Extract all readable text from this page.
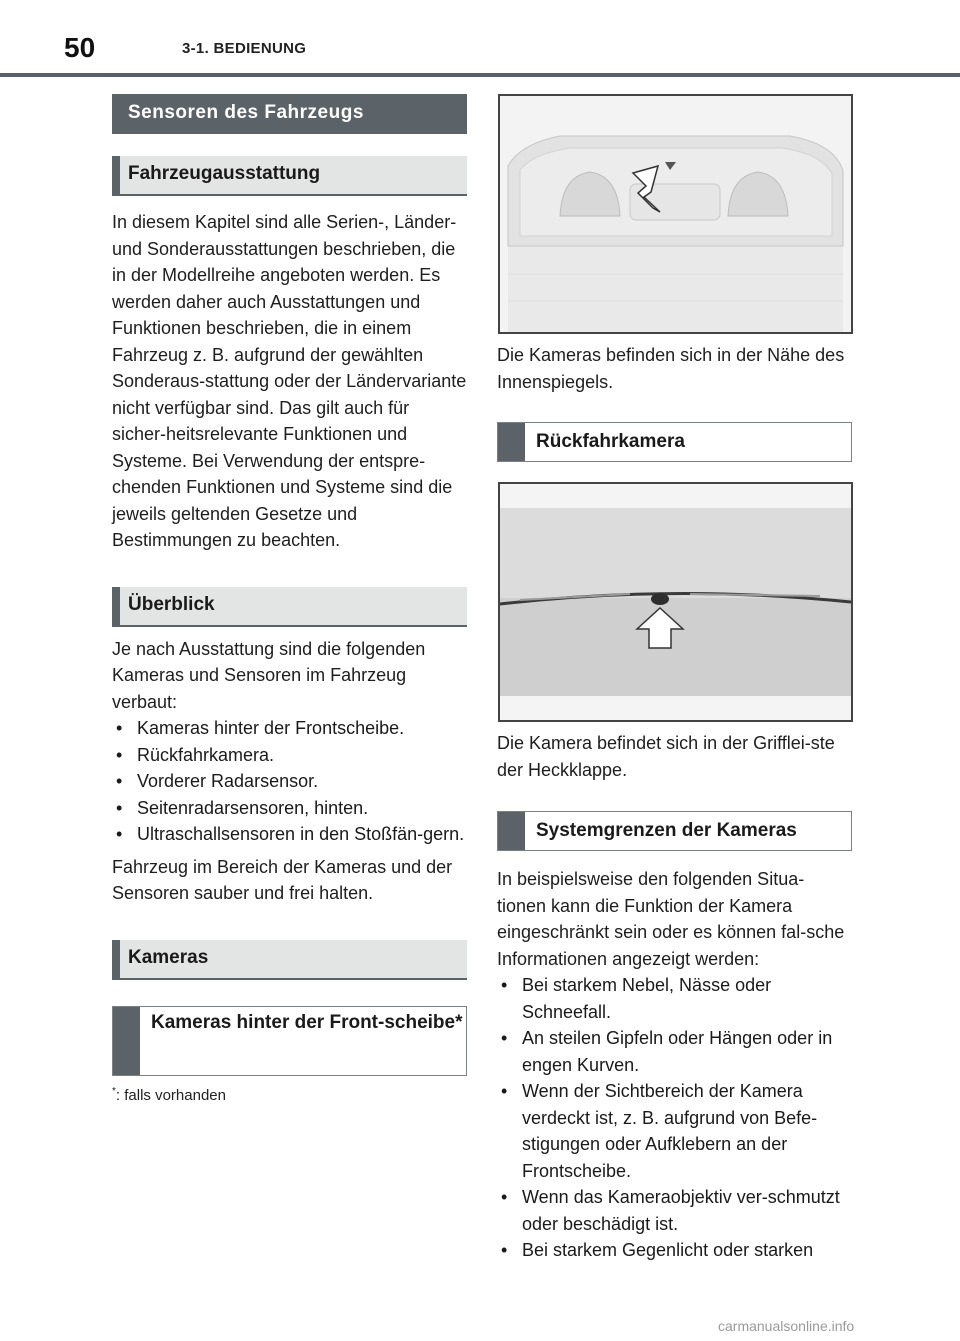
50	3-1. BEDIENUNG
Sensoren des Fahrzeugs
Fahrzeugausstattung

In diesem Kapitel sind alle Serien-, Länder- und Sonderausstattungen beschrieben, die in der Modellreihe angeboten werden. Es werden daher auch Ausstattungen und Funktionen beschrieben, die in einem Fahrzeug z. B. aufgrund der gewählten Sonderaus-stattung oder der Ländervariante nicht verfügbar sind. Das gilt auch für sicher-heitsrelevante Funktionen und Systeme. Bei Verwendung der entspre-chenden Funktionen und Systeme sind die jeweils geltenden Gesetze und Bestimmungen zu beachten.

Überblick

Je nach Ausstattung sind die folgenden Kameras und Sensoren im Fahrzeug verbaut:

• Kameras hinter der Frontscheibe.
• Rückfahrkamera.
• Vorderer Radarsensor.
• Seitenradarsensoren, hinten.
• Ultraschallsensoren in den Stoßfän-gern.

Fahrzeug im Bereich der Kameras und der Sensoren sauber und frei halten.

Kameras
Kameras hinter der Front-scheibe*
*: falls vorhanden

Die Kameras befinden sich in der Nähe des Innenspiegels.

Rückfahrkamera

Die Kamera befindet sich in der Grifflei-ste der Heckklappe.

Systemgrenzen der Kameras

In beispielsweise den folgenden Situa-tionen kann die Funktion der Kamera eingeschränkt sein oder es können fal-sche Informationen angezeigt werden:

• Bei starkem Nebel, Nässe oder Schneefall.
• An steilen Gipfeln oder Hängen oder in engen Kurven.
• Wenn der Sichtbereich der Kamera verdeckt ist, z. B. aufgrund von Befe-stigungen oder Aufklebern an der Frontscheibe.
• Wenn das Kameraobjektiv ver-schmutzt oder beschädigt ist.
• Bei starkem Gegenlicht oder starken
carmanualsonline.info
